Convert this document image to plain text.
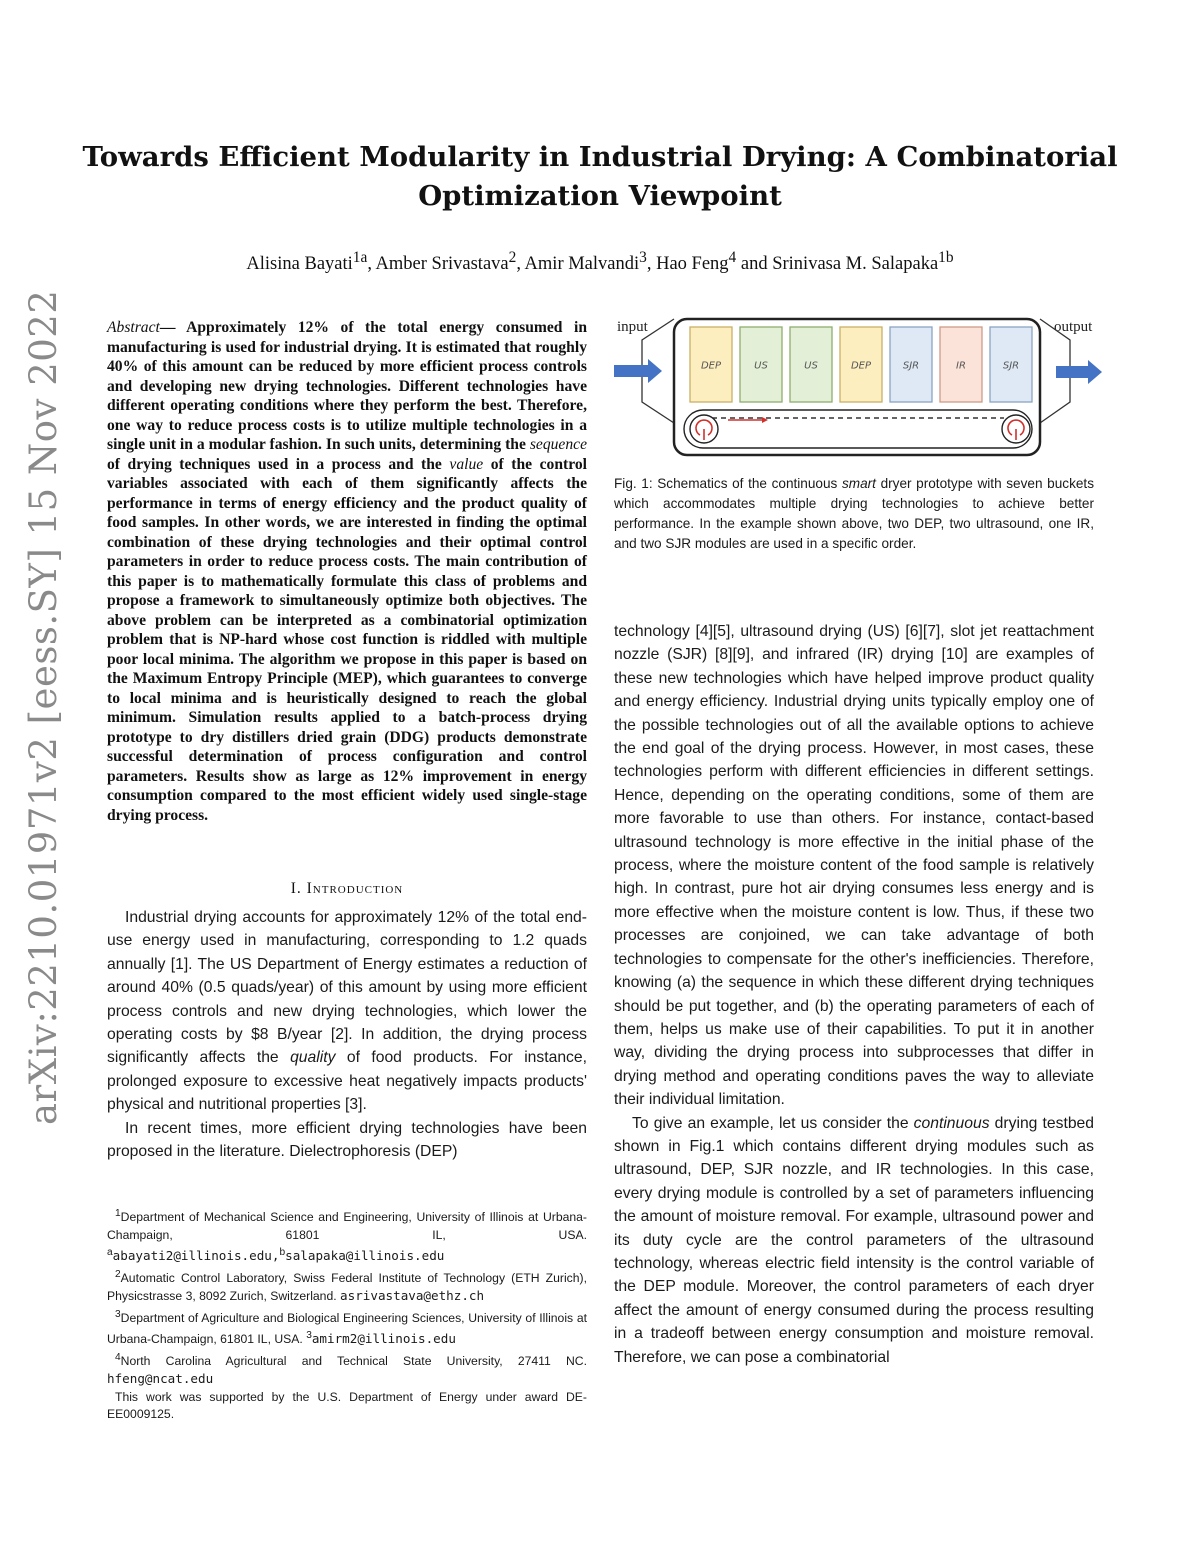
arXiv:2210.01971v2 [eess.SY] 15 Nov 2022
Towards Efficient Modularity in Industrial Drying: A Combinatorial Optimization Viewpoint
Alisina Bayati$^{1a}$, Amber Srivastava$^2$, Amir Malvandi$^3$, Hao Feng$^4$ and Srinivasa M. Salapaka$^{1b}$
Abstract— Approximately 12% of the total energy consumed in manufacturing is used for industrial drying. It is estimated that roughly 40% of this amount can be reduced by more efficient process controls and developing new drying technologies. Different technologies have different operating conditions where they perform the best. Therefore, one way to reduce process costs is to utilize multiple technologies in a single unit in a modular fashion. In such units, determining the sequence of drying techniques used in a process and the value of the control variables associated with each of them significantly affects the performance in terms of energy efficiency and the product quality of food samples. In other words, we are interested in finding the optimal combination of these drying technologies and their optimal control parameters in order to reduce process costs. The main contribution of this paper is to mathematically formulate this class of problems and propose a framework to simultaneously optimize both objectives. The above problem can be interpreted as a combinatorial optimization problem that is NP-hard whose cost function is riddled with multiple poor local minima. The algorithm we propose in this paper is based on the Maximum Entropy Principle (MEP), which guarantees to converge to local minima and is heuristically designed to reach the global minimum. Simulation results applied to a batch-process drying prototype to dry distillers dried grain (DDG) products demonstrate successful determination of process configuration and control parameters. Results show as large as 12% improvement in energy consumption compared to the most efficient widely used single-stage drying process.
I. Introduction

Industrial drying accounts for approximately 12% of the total end-use energy used in manufacturing, corresponding to 1.2 quads annually [1]. The US Department of Energy estimates a reduction of around 40% (0.5 quads/year) of this amount by using more efficient process controls and new drying technologies, which lower the operating costs by $8 B/year [2]. In addition, the drying process significantly affects the quality of food products. For instance, prolonged exposure to excessive heat negatively impacts products' physical and nutritional properties [3].

In recent times, more efficient drying technologies have been proposed in the literature. Dielectrophoresis (DEP)

$^1$Department of Mechanical Science and Engineering, University of Illinois at Urbana-Champaign, 61801 IL, USA. $^a$abayati2@illinois.edu,$^b$salapaka@illinois.edu

$^2$Automatic Control Laboratory, Swiss Federal Institute of Technology (ETH Zurich), Physicstrasse 3, 8092 Zurich, Switzerland. asrivastava@ethz.ch

$^3$Department of Agriculture and Biological Engineering Sciences, University of Illinois at Urbana-Champaign, 61801 IL, USA. $^3$amirm2@illinois.edu

$^4$North Carolina Agricultural and Technical State University, 27411 NC. hfeng@ncat.edu

This work was supported by the U.S. Department of Energy under award DE-EE0009125.

input	output
DEP	US	US	DEP	SJR	IR	SJR
Fig. 1: Schematics of the continuous smart dryer prototype with seven buckets which accommodates multiple drying technologies to achieve better performance. In the example shown above, two DEP, two ultrasound, one IR, and two SJR modules are used in a specific order.

technology [4][5], ultrasound drying (US) [6][7], slot jet reattachment nozzle (SJR) [8][9], and infrared (IR) drying [10] are examples of these new technologies which have helped improve product quality and energy efficiency. Industrial drying units typically employ one of the possible technologies out of all the available options to achieve the end goal of the drying process. However, in most cases, these technologies perform with different efficiencies in different settings. Hence, depending on the operating conditions, some of them are more favorable to use than others. For instance, contact-based ultrasound technology is more effective in the initial phase of the process, where the moisture content of the food sample is relatively high. In contrast, pure hot air drying consumes less energy and is more effective when the moisture content is low. Thus, if these two processes are conjoined, we can take advantage of both technologies to compensate for the other's inefficiencies. Therefore, knowing (a) the sequence in which these different drying techniques should be put together, and (b) the operating parameters of each of them, helps us make use of their capabilities. To put it in another way, dividing the drying process into subprocesses that differ in drying method and operating conditions paves the way to alleviate their individual limitation.

To give an example, let us consider the continuous drying testbed shown in Fig.1 which contains different drying modules such as ultrasound, DEP, SJR nozzle, and IR technologies. In this case, every drying module is controlled by a set of parameters influencing the amount of moisture removal. For example, ultrasound power and its duty cycle are the control parameters of the ultrasound technology, whereas electric field intensity is the control variable of the DEP module. Moreover, the control parameters of each dryer affect the amount of energy consumed during the process resulting in a tradeoff between energy consumption and moisture removal. Therefore, we can pose a combinatorial
